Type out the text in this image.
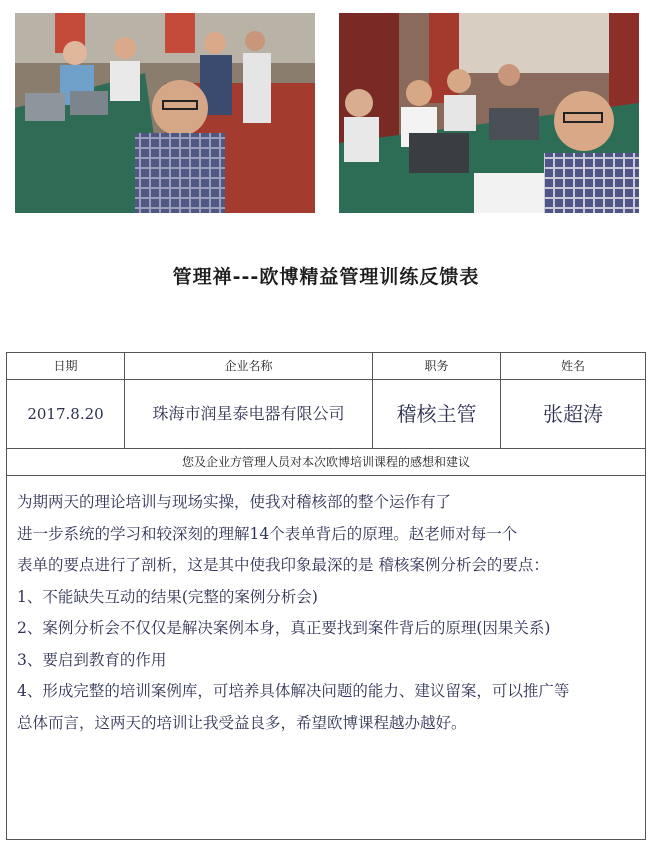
管理禅---欧博精益管理训练反馈表
日期	企业名称	职务	姓名
2017.8.20	珠海市润星泰电器有限公司	稽核主管	张超涛
您及企业方管理人员对本次欧博培训课程的感想和建议
为期两天的理论培训与现场实操，使我对稽核部的整个运作有了
进一步系统的学习和较深刻的理解14个表单背后的原理。赵老师对每一个
表单的要点进行了剖析，这是其中使我印象最深的是 稽核案例分析会的要点：
1、不能缺失互动的结果(完整的案例分析会)
2、案例分析会不仅仅是解决案例本身，真正要找到案件背后的原理(因果关系)
3、要启到教育的作用
4、形成完整的培训案例库，可培养具体解决问题的能力、建议留案，可以推广等
总体而言，这两天的培训让我受益良多，希望欧博课程越办越好。
